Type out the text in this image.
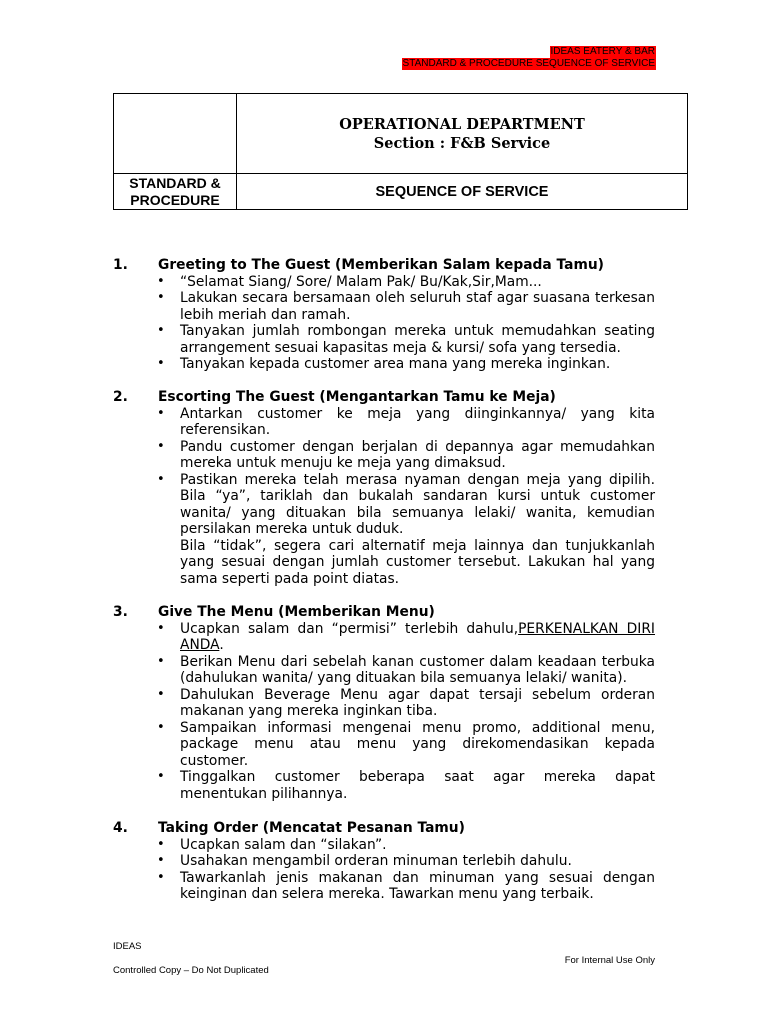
IDEAS EATERY & BAR
STANDARD & PROCEDURE SEQUENCE OF SERVICE

	OPERATIONAL DEPARTMENT
Section : F&B Service

STANDARD &
PROCEDURE	SEQUENCE OF SERVICE
1. Greeting to The Guest (Memberikan Salam kepada Tamu)
• “Selamat Siang/ Sore/ Malam Pak/ Bu/Kak,Sir,Mam...
• Lakukan secara bersamaan oleh seluruh staf agar suasana terkesan lebih meriah dan ramah.
• Tanyakan jumlah rombongan mereka untuk memudahkan seating arrangement sesuai kapasitas meja & kursi/ sofa yang tersedia.
• Tanyakan kepada customer area mana yang mereka inginkan.
2. Escorting The Guest (Mengantarkan Tamu ke Meja)
• Antarkan customer ke meja yang diinginkannya/ yang kita referensikan.
• Pandu customer dengan berjalan di depannya agar memudahkan mereka untuk menuju ke meja yang dimaksud.
• Pastikan mereka telah merasa nyaman dengan meja yang dipilih. Bila “ya”, tariklah dan bukalah sandaran kursi untuk customer wanita/ yang dituakan bila semuanya lelaki/ wanita, kemudian persilakan mereka untuk duduk.
Bila “tidak”, segera cari alternatif meja lainnya dan tunjukkanlah yang sesuai dengan jumlah customer tersebut. Lakukan hal yang sama seperti pada point diatas.
3. Give The Menu (Memberikan Menu)
• Ucapkan salam dan “permisi” terlebih dahulu,PERKENALKAN DIRI ANDA.
• Berikan Menu dari sebelah kanan customer dalam keadaan terbuka (dahulukan wanita/ yang dituakan bila semuanya lelaki/ wanita).
• Dahulukan Beverage Menu agar dapat tersaji sebelum orderan makanan yang mereka inginkan tiba.
• Sampaikan informasi mengenai menu promo, additional menu, package menu atau menu yang direkomendasikan kepada customer.
• Tinggalkan customer beberapa saat agar mereka dapat menentukan pilihannya.
4. Taking Order (Mencatat Pesanan Tamu)
• Ucapkan salam dan “silakan”.
• Usahakan mengambil orderan minuman terlebih dahulu.
• Tawarkanlah jenis makanan dan minuman yang sesuai dengan keinginan dan selera mereka. Tawarkan menu yang terbaik.
IDEAS
Controlled Copy – Do Not Duplicated
For Internal Use Only
